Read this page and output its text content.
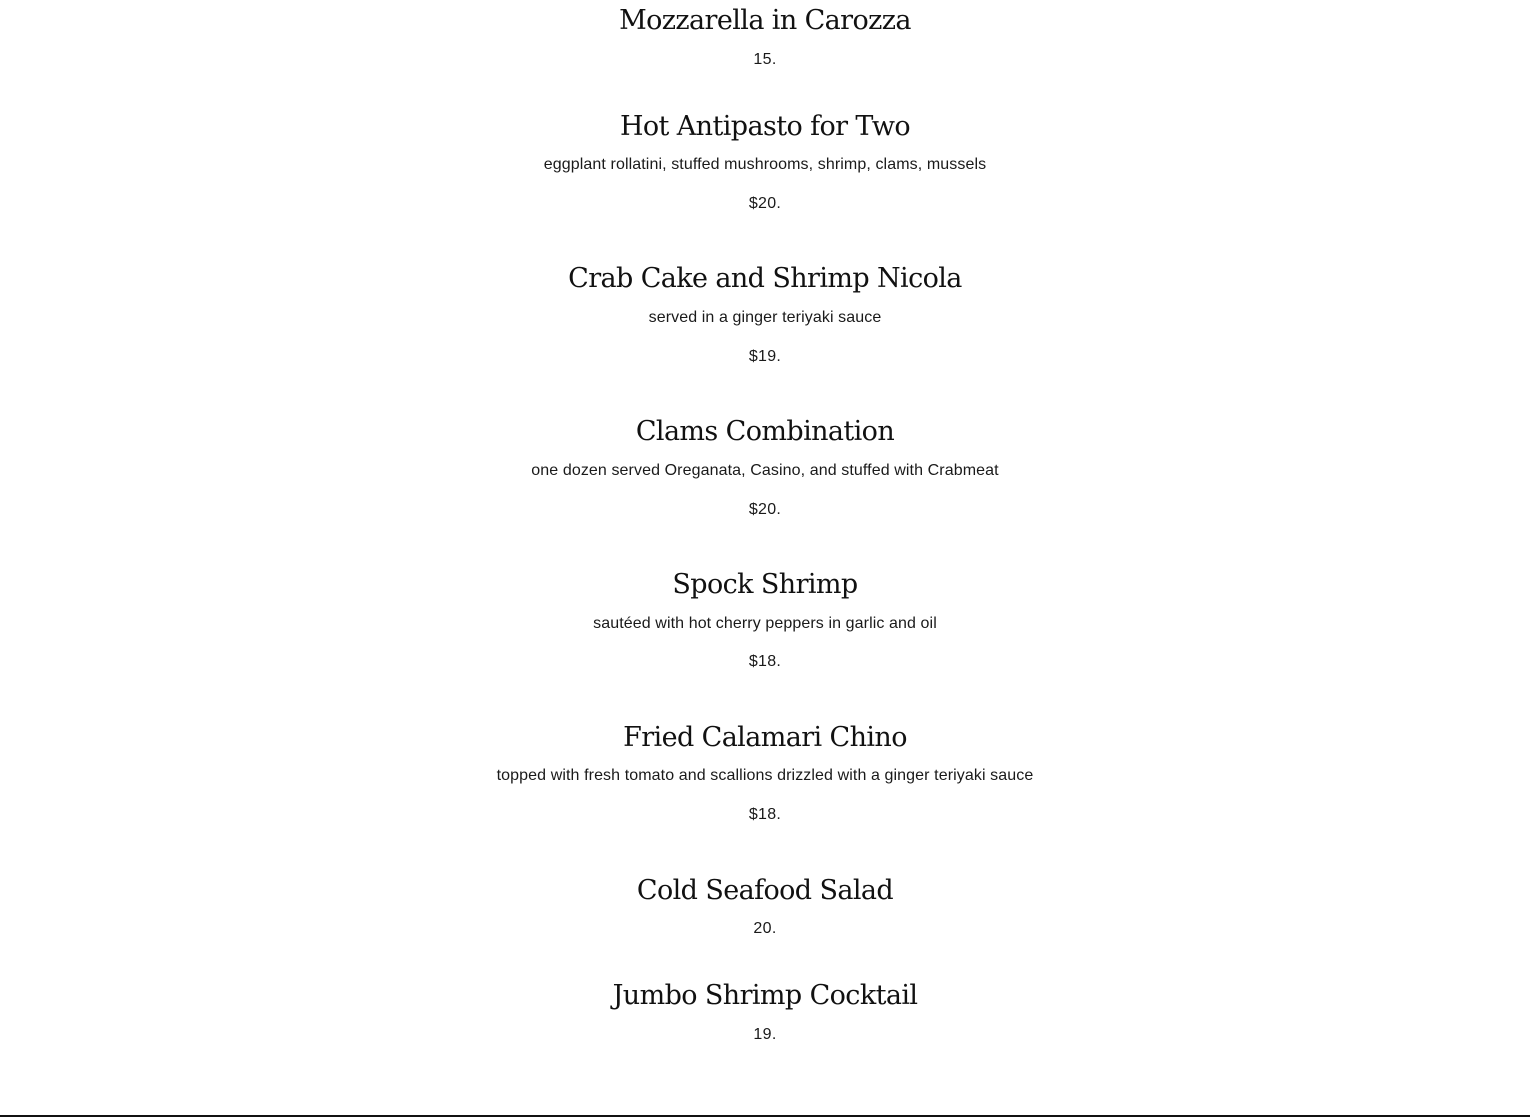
Mozzarella in Carozza
15.
Hot Antipasto for Two
eggplant rollatini, stuffed mushrooms, shrimp, clams, mussels
$20.
Crab Cake and Shrimp Nicola
served in a ginger teriyaki sauce
$19.
Clams Combination
one dozen served Oreganata, Casino, and stuffed with Crabmeat
$20.
Spock Shrimp
sautéed with hot cherry peppers in garlic and oil
$18.
Fried Calamari Chino
topped with fresh tomato and scallions drizzled with a ginger teriyaki sauce
$18.
Cold Seafood Salad
20.
Jumbo Shrimp Cocktail
19.
